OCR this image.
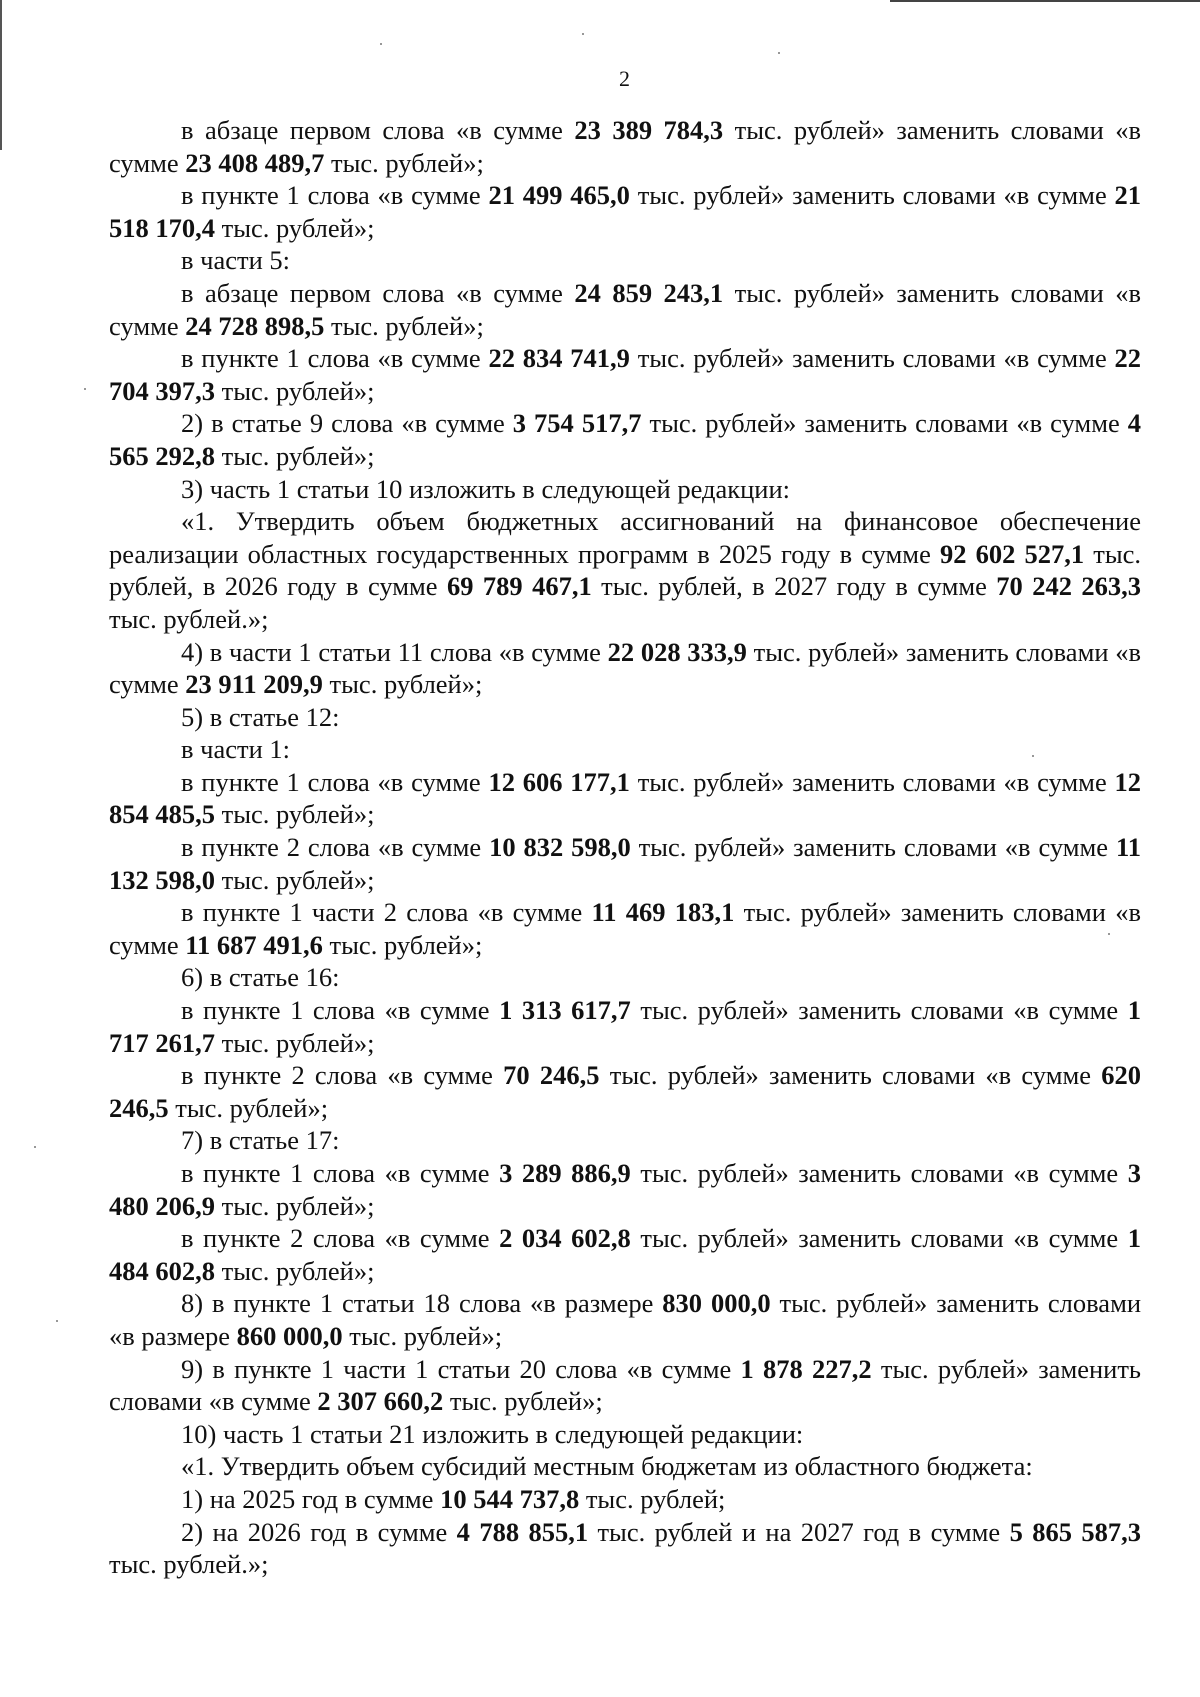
2

в абзаце первом слова «в сумме 23 389 784,3 тыс. рублей» заменить словами «в сумме 23 408 489,7 тыс. рублей»;

в пункте 1 слова «в сумме 21 499 465,0 тыс. рублей» заменить словами «в сумме 21 518 170,4 тыс. рублей»;

в части 5:

в абзаце первом слова «в сумме 24 859 243,1 тыс. рублей» заменить словами «в сумме 24 728 898,5 тыс. рублей»;

в пункте 1 слова «в сумме 22 834 741,9 тыс. рублей» заменить словами «в сумме 22 704 397,3 тыс. рублей»;

2) в статье 9 слова «в сумме 3 754 517,7 тыс. рублей» заменить словами «в сумме 4 565 292,8 тыс. рублей»;

3) часть 1 статьи 10 изложить в следующей редакции:

«1. Утвердить объем бюджетных ассигнований на финансовое обеспечение реализации областных государственных программ в 2025 году в сумме 92 602 527,1 тыс. рублей, в 2026 году в сумме 69 789 467,1 тыс. рублей, в 2027 году в сумме 70 242 263,3 тыс. рублей.»;

4) в части 1 статьи 11 слова «в сумме 22 028 333,9 тыс. рублей» заменить словами «в сумме 23 911 209,9 тыс. рублей»;

5) в статье 12:

в части 1:

в пункте 1 слова «в сумме 12 606 177,1 тыс. рублей» заменить словами «в сумме 12 854 485,5 тыс. рублей»;

в пункте 2 слова «в сумме 10 832 598,0 тыс. рублей» заменить словами «в сумме 11 132 598,0 тыс. рублей»;

в пункте 1 части 2 слова «в сумме 11 469 183,1 тыс. рублей» заменить словами «в сумме 11 687 491,6 тыс. рублей»;

6) в статье 16:

в пункте 1 слова «в сумме 1 313 617,7 тыс. рублей» заменить словами «в сумме 1 717 261,7 тыс. рублей»;

в пункте 2 слова «в сумме 70 246,5 тыс. рублей» заменить словами «в сумме 620 246,5 тыс. рублей»;

7) в статье 17:

в пункте 1 слова «в сумме 3 289 886,9 тыс. рублей» заменить словами «в сумме 3 480 206,9 тыс. рублей»;

в пункте 2 слова «в сумме 2 034 602,8 тыс. рублей» заменить словами «в сумме 1 484 602,8 тыс. рублей»;

8) в пункте 1 статьи 18 слова «в размере 830 000,0 тыс. рублей» заменить словами «в размере 860 000,0 тыс. рублей»;

9) в пункте 1 части 1 статьи 20 слова «в сумме 1 878 227,2 тыс. рублей» заменить словами «в сумме 2 307 660,2 тыс. рублей»;

10) часть 1 статьи 21 изложить в следующей редакции:

«1. Утвердить объем субсидий местным бюджетам из областного бюджета:

1) на 2025 год в сумме 10 544 737,8 тыс. рублей;

2) на 2026 год в сумме 4 788 855,1 тыс. рублей и на 2027 год в сумме 5 865 587,3 тыс. рублей.»;
